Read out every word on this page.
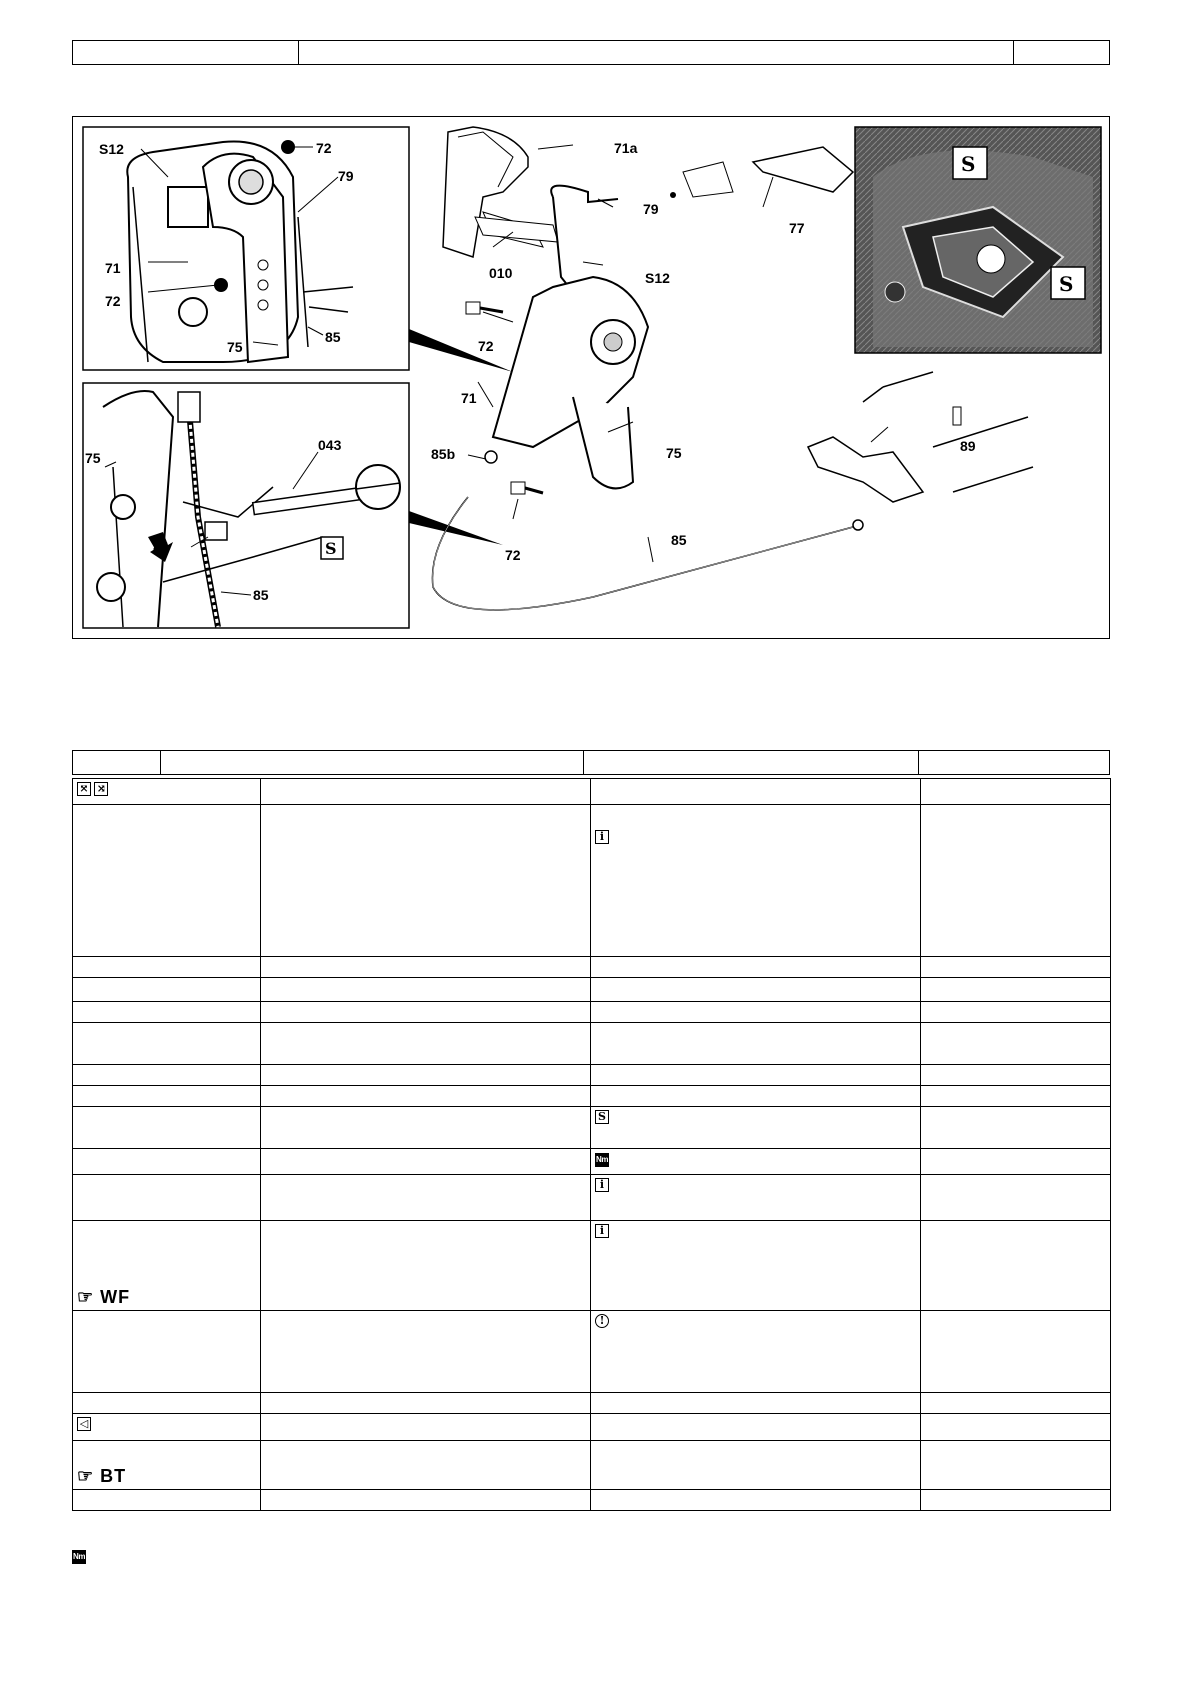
S12	72
79
71
72
85
75
S
75
043
84
85
71a
79
77
010	S12
72
71
75
85b
72
85
89
S
S

⤧ ⤨			

		i	

		S	
		Nm	
		i	
☞ WF		i	
		!	

◁			
☞ BT			

Nm
